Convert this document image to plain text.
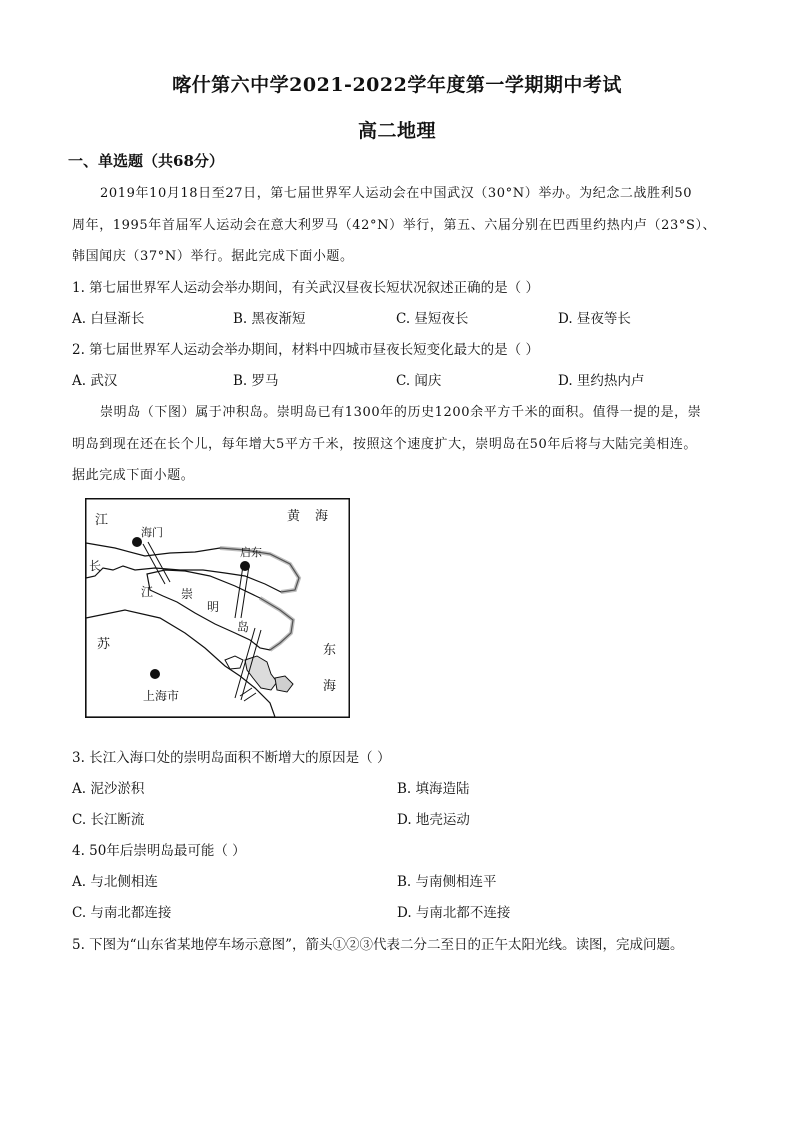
喀什第六中学2021-2022学年度第一学期期中考试
高二地理
一、单选题（共68分）
2019年10月18日至27日，第七届世界军人运动会在中国武汉（30°N）举办。为纪念二战胜利50
周年，1995年首届军人运动会在意大利罗马（42°N）举行，第五、六届分别在巴西里约热内卢（23°S）、
韩国闻庆（37°N）举行。据此完成下面小题。
1. 第七届世界军人运动会举办期间，有关武汉昼夜长短状况叙述正确的是（ ）
A. 白昼渐长	B. 黑夜渐短	C. 昼短夜长	D. 昼夜等长
2. 第七届世界军人运动会举办期间，材料中四城市昼夜长短变化最大的是（ ）
A. 武汉	B. 罗马	C. 闻庆	D. 里约热内卢
崇明岛（下图）属于冲积岛。崇明岛已有1300年的历史1200余平方千米的面积。值得一提的是，崇
明岛到现在还在长个儿，每年增大5平方千米，按照这个速度扩大，崇明岛在50年后将与大陆完美相连。
据此完成下面小题。
江	黄 海
海门
启东
长
江 崇
明
岛
苏	东
海
上海市
3. 长江入海口处的崇明岛面积不断增大的原因是（ ）
A. 泥沙淤积	B. 填海造陆
C. 长江断流	D. 地壳运动
4. 50年后崇明岛最可能（ ）
A. 与北侧相连	B. 与南侧相连平
C. 与南北都连接	D. 与南北都不连接
5. 下图为“山东省某地停车场示意图”，箭头①②③代表二分二至日的正午太阳光线。读图，完成问题。
